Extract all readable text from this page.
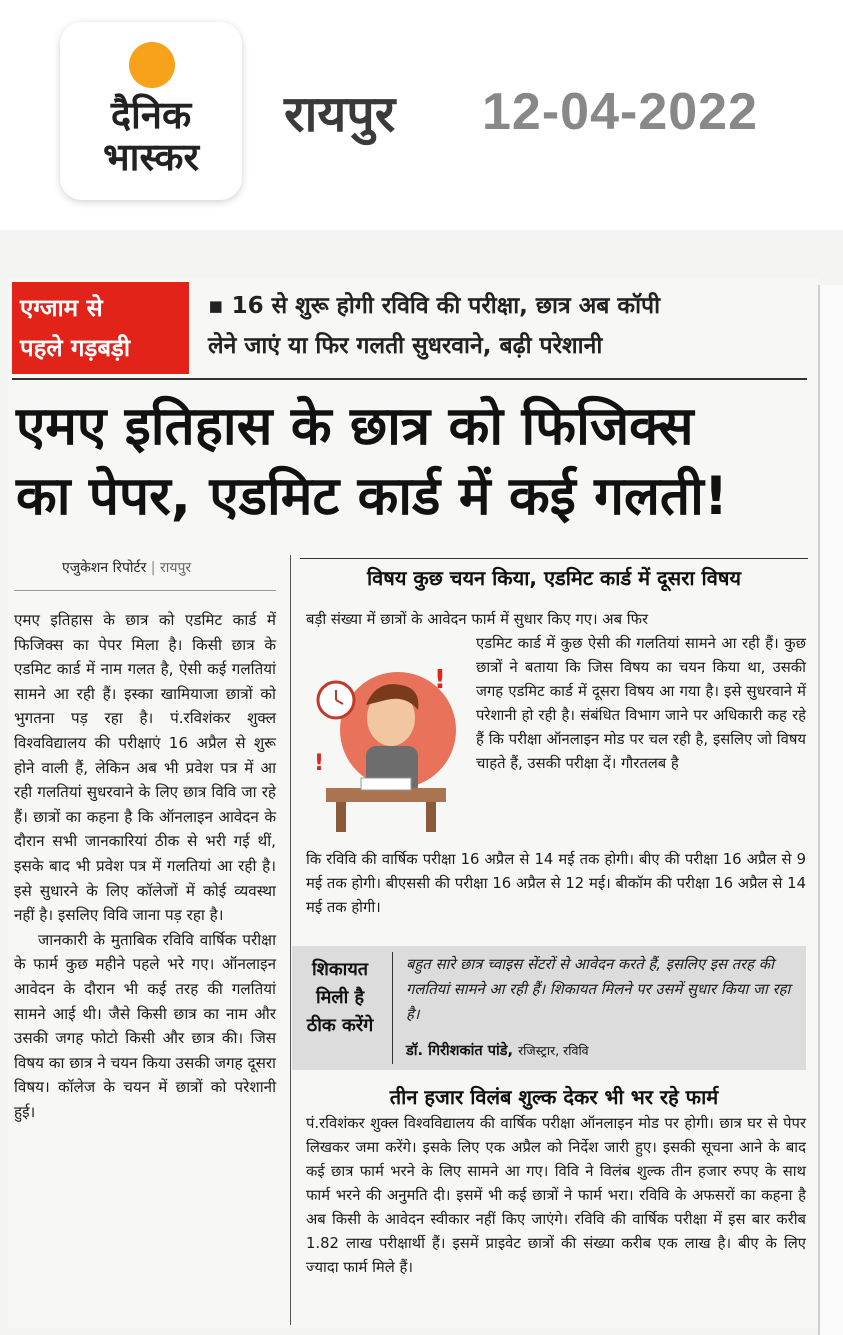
दैनिक
भास्कर
रायपुर 12-04-2022
एग्जाम से
पहले गड़बड़ी
▪ 16 से शुरू होगी रविवि की परीक्षा, छात्र अब कॉपी
लेने जाएं या फिर गलती सुधरवाने, बढ़ी परेशानी
एमए इतिहास के छात्र को फिजिक्स
का पेपर, एडमिट कार्ड में कई गलती!
एजुकेशन रिपोर्टर | रायपुर

एमए इतिहास के छात्र को एडमिट कार्ड में फिजिक्स का पेपर मिला है। किसी छात्र के एडमिट कार्ड में नाम गलत है, ऐसी कई गलतियां सामने आ रही हैं। इस्का खामियाजा छात्रों को भुगतना पड़ रहा है। पं.रविशंकर शुक्ल विश्वविद्यालय की परीक्षाएं 16 अप्रैल से शुरू होने वाली हैं, लेकिन अब भी प्रवेश पत्र में आ रही गलतियां सुधरवाने के लिए छात्र विवि जा रहे हैं। छात्रों का कहना है कि ऑनलाइन आवेदन के दौरान सभी जानकारियां ठीक से भरी गई थीं, इसके बाद भी प्रवेश पत्र में गलतियां आ रही है। इसे सुधारने के लिए कॉलेजों में कोई व्यवस्था नहीं है। इसलिए विवि जाना पड़ रहा है।

जानकारी के मुताबिक रविवि वार्षिक परीक्षा के फार्म कुछ महीने पहले भरे गए। ऑनलाइन आवेदन के दौरान भी कई तरह की गलतियां सामने आई थी। जैसे किसी छात्र का नाम और उसकी जगह फोटो किसी और छात्र की। जिस विषय का छात्र ने चयन किया उसकी जगह दूसरा विषय। कॉलेज के चयन में छात्रों को परेशानी हुई।

विषय कुछ चयन किया, एडमिट कार्ड में दूसरा विषय
बड़ी संख्या में छात्रों के आवेदन फार्म में सुधार किए गए। अब फिर
!
!
एडमिट कार्ड में कुछ ऐसी की गलतियां सामने आ रही हैं। कुछ छात्रों ने बताया कि जिस विषय का चयन किया था, उसकी जगह एडमिट कार्ड में दूसरा विषय आ गया है। इसे सुधरवाने में परेशानी हो रही है। संबंधित विभाग जाने पर अधिकारी कह रहे हैं कि परीक्षा ऑनलाइन मोड पर चल रही है, इसलिए जो विषय चाहते हैं, उसकी परीक्षा दें। गौरतलब है
कि रविवि की वार्षिक परीक्षा 16 अप्रैल से 14 मई तक होगी। बीए की परीक्षा 16 अप्रैल से 9 मई तक होगी। बीएससी की परीक्षा 16 अप्रैल से 12 मई। बीकॉम की परीक्षा 16 अप्रैल से 14 मई तक होगी।
शिकायत
मिली है
ठीक करेंगे
बहुत सारे छात्र च्वाइस सेंटरों से आवेदन करते हैं, इसलिए इस तरह की गलतियां सामने आ रही हैं। शिकायत मिलने पर उसमें सुधार किया जा रहा है।
डॉ. गिरीशकांत पांडे, रजिस्ट्रार, रविवि
तीन हजार विलंब शुल्क देकर भी भर रहे फार्म
पं.रविशंकर शुक्ल विश्वविद्यालय की वार्षिक परीक्षा ऑनलाइन मोड पर होगी। छात्र घर से पेपर लिखकर जमा करेंगे। इसके लिए एक अप्रैल को निर्देश जारी हुए। इसकी सूचना आने के बाद कई छात्र फार्म भरने के लिए सामने आ गए। विवि ने विलंब शुल्क तीन हजार रुपए के साथ फार्म भरने की अनुमति दी। इसमें भी कई छात्रों ने फार्म भरा। रविवि के अफसरों का कहना है अब किसी के आवेदन स्वीकार नहीं किए जाएंगे। रविवि की वार्षिक परीक्षा में इस बार करीब 1.82 लाख परीक्षार्थी हैं। इसमें प्राइवेट छात्रों की संख्या करीब एक लाख है। बीए के लिए ज्यादा फार्म मिले हैं।
